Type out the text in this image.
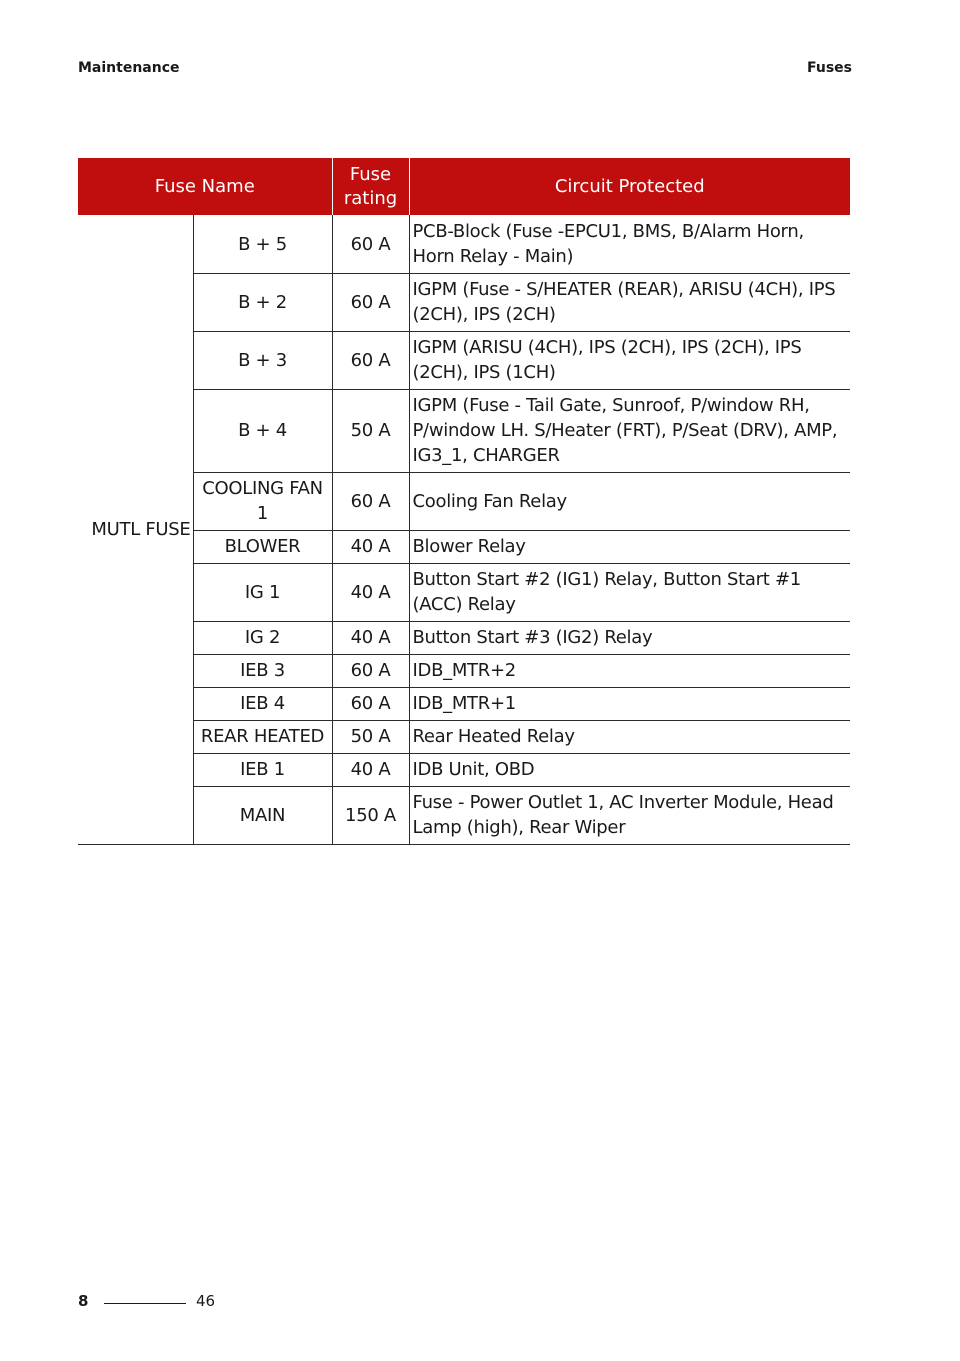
Maintenance	Fuses
Fuse Name		Fuse rating	Circuit Protected
MUTL FUSE	B + 5	60 A	PCB-Block (Fuse -EPCU1, BMS, B/Alarm Horn, Horn Relay - Main)
	B + 2	60 A	IGPM (Fuse - S/HEATER (REAR), ARISU (4CH), IPS (2CH), IPS (2CH)
	B + 3	60 A	IGPM (ARISU (4CH), IPS (2CH), IPS (2CH), IPS (2CH), IPS (1CH)
	B + 4	50 A	IGPM (Fuse - Tail Gate, Sunroof, P/window RH, P/window LH. S/Heater (FRT), P/Seat (DRV), AMP, IG3_1, CHARGER
	COOLING FAN 1	60 A	Cooling Fan Relay
	BLOWER	40 A	Blower Relay
	IG 1	40 A	Button Start #2 (IG1) Relay, Button Start #1 (ACC) Relay
	IG 2	40 A	Button Start #3 (IG2) Relay
	IEB 3	60 A	IDB_MTR+2
	IEB 4	60 A	IDB_MTR+1
	REAR HEATED	50 A	Rear Heated Relay
	IEB 1	40 A	IDB Unit, OBD
	MAIN	150 A	Fuse - Power Outlet 1, AC Inverter Module, Head Lamp (high), Rear Wiper
8	46
